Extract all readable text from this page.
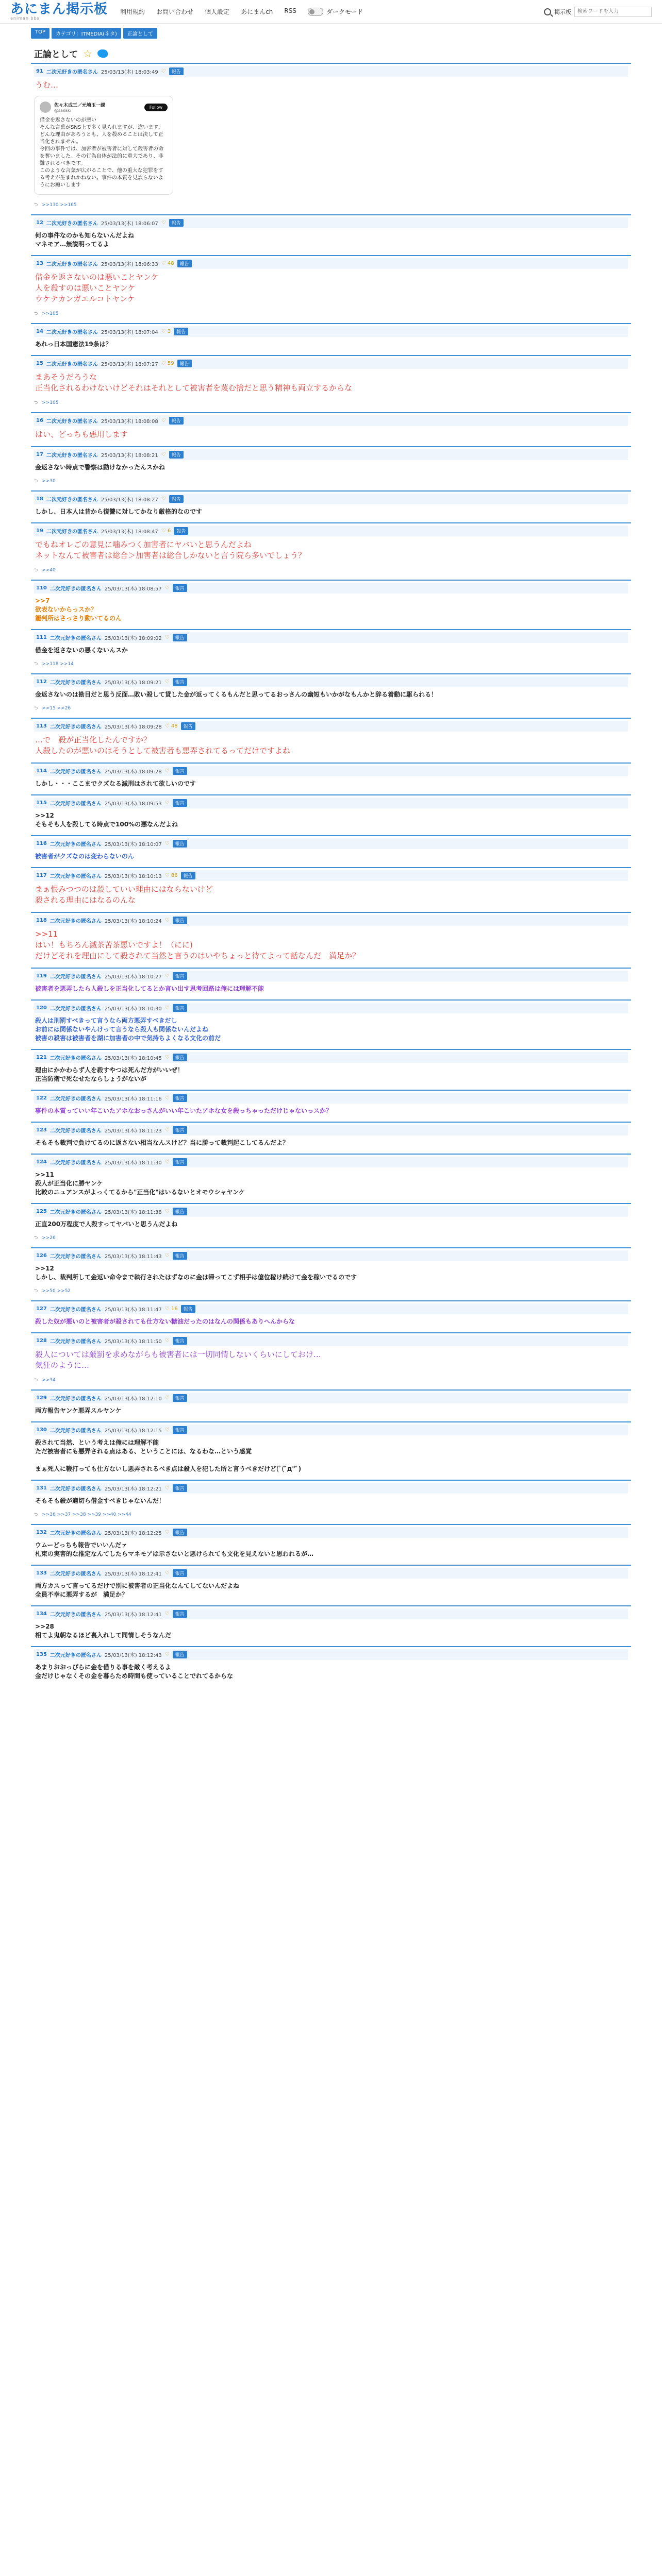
あにまん掲示板
animan bbs
利用規約 お問い合わせ 個人設定 あにまんch RSS	ダークモード	掲示板
検索ワードを入力
TOP	カテゴリ：ITMEDIA(ネタ)	正論として
正論として ☆
91 二次元好きの匿名さん 25/03/13(木) 18:03:49 ♡	報告
うむ…
佐々木成三／元埼玉一課
@sasaki
Follow
借金を返さないのが悪い
そんな言葉がSNS上で多く見られますが、違います。
どんな理由があろうとも、人を殺めることは決して正当化されません。
今回の事件では、加害者が被害者に対して殺害者の命を奪いました。その行為自体が法的に重大であり、非難されるべきです。
このような言葉が広がることで、他の重大な犯罪をする考えが生まれかねない。事件の本質を見誤らないようにお願いします
⮌ >>130 >>165
12 二次元好きの匿名さん 25/03/13(木) 18:06:07 ♡	報告
何の事件なのかも知らないんだよね
マネモア…無説明ってるよ
13 二次元好きの匿名さん 25/03/13(木) 18:06:33 ♡ 48	報告
借金を返さないのは悪いことヤンケ
人を殺すのは悪いことヤンケ
ウケテカンガエルコトヤンケ
⮌ >>105
14 二次元好きの匿名さん 25/03/13(木) 18:07:04 ♡ 3	報告
あれっ日本国憲法19条は？
15 二次元好きの匿名さん 25/03/13(木) 18:07:27 ♡ 59	報告
まあそうだろうな
正当化されるわけないけどそれはそれとして被害者を蔑む捨だと思う精神も両立するからな
⮌ >>105
16 二次元好きの匿名さん 25/03/13(木) 18:08:08 ♡	報告
はい、どっちも悪用します
17 二次元好きの匿名さん 25/03/13(木) 18:08:21 ♡	報告
金返さない時点で警察は動けなかったんスかね
⮌ >>30
18 二次元好きの匿名さん 25/03/13(木) 18:08:27 ♡	報告
しかし、日本人は昔から復讐に対してかなり厳格的なのです
19 二次元好きの匿名さん 25/03/13(木) 18:08:47 ♡ 6	報告
でもねオレごの意見に噛みつく加害者にヤバいと思うんだよね
ネットなんて被害者は総合＞加害者は総合しかないと言う院ら多いでしょう？
⮌ >>40
110 二次元好きの匿名さん 25/03/13(木) 18:08:57 ♡	報告
>>7
欲表ないからっスか？
籠判所はさっさり動いてるのん
111 二次元好きの匿名さん 25/03/13(木) 18:09:02 ♡	報告
借金を返さないの悪くないんスか
⮌ >>118 >>14
112 二次元好きの匿名さん 25/03/13(木) 18:09:21 ♡	報告
金返さないのは勘目だと思う反面…敗い殺して貸した金が返ってくるもんだと思ってるおっさんの幽短もいかがなもんかと辞る着動に駆られる！
⮌ >>15 >>26
113 二次元好きの匿名さん 25/03/13(木) 18:09:28 ♡ 48	報告
…で　殺が正当化したんですか？
人殺したのが悪いのはそうとして被害者も悪弄されてるってだけですよね
114 二次元好きの匿名さん 25/03/13(木) 18:09:28 ♡	報告
しかし・・・ここまでクズなる減刑はされて欲しいのです
115 二次元好きの匿名さん 25/03/13(木) 18:09:53 ♡	報告
>>12
そもそも人を殺してる時点で100%の悪なんだよね
116 二次元好きの匿名さん 25/03/13(木) 18:10:07 ♡	報告
被害者がクズなのは変わらないのん
117 二次元好きの匿名さん 25/03/13(木) 18:10:13 ♡ 86	報告
まぁ恨みつつのは殺していい理由にはならないけど
殺される理由にはなるのんな
118 二次元好きの匿名さん 25/03/13(木) 18:10:24 ♡	報告
>>11
はい！もちろん滅茶苦茶悪いですよ！（にに)
だけどそれを理由にして殺されて当然と言うのはいやちょっと待てよって話なんだ　満足か？
119 二次元好きの匿名さん 25/03/13(木) 18:10:27 ♡	報告
被害者を悪弄したら人殺しを正当化してるとか言い出す思考回路は俺には理解不能
120 二次元好きの匿名さん 25/03/13(木) 18:10:30 ♡	報告
殺人は刑罰すべきって言うなら両方悪弄すべきだし
お前には関係ないやんけって言うなら殺人も関係ないんだよね
被害の殺害は被害者を湖に加害者の中で気持ちよくなる文化の前だ
121 二次元好きの匿名さん 25/03/13(木) 18:10:45 ♡	報告
理由にかかわらず人を殺すやつは死んだ方がいいぜ！
正当防衛で死なせたならしょうがないが
122 二次元好きの匿名さん 25/03/13(木) 18:11:16 ♡	報告
事件の本質っていい年こいたアホなおっさんがいい年こいたアホな女を殺っちゃっただけじゃないっスか？
123 二次元好きの匿名さん 25/03/13(木) 18:11:23 ♡	報告
そもそも裁判で負けてるのに返さない相当なんスけど？当に勝って裁判起こしてるんだよ？
124 二次元好きの匿名さん 25/03/13(木) 18:11:30 ♡	報告
>>11
殺人が正当化に勝ヤンケ
比較のニュアンスがよっくてるから"正当化"はいるないとオモウシャヤンケ
125 二次元好きの匿名さん 25/03/13(木) 18:11:38 ♡	報告
正直200万程度で人殺すってヤバいと思うんだよね
⮌ >>26
126 二次元好きの匿名さん 25/03/13(木) 18:11:43 ♡	報告
>>12
しかし、裁判所して金返い命令まで執行されたはずなのに金は帰ってこず相手は億位稼け続けて金を稼いでるのです
⮌ >>50 >>52
127 二次元好きの匿名さん 25/03/13(木) 18:11:47 ♡ 16	報告
殺した奴が悪いのと被害者が殺されても仕方ない糖油だったのはなんの関係もありへんからな
128 二次元好きの匿名さん 25/03/13(木) 18:11:50 ♡	報告
殺人については厳罰を求めながらも被害者には一切同情しないくらいにしておけ…
気狂のように…
⮌ >>34
129 二次元好きの匿名さん 25/03/13(木) 18:12:10 ♡	報告
両方報告ヤンケ悪弄スルヤンケ
130 二次元好きの匿名さん 25/03/13(木) 18:12:15 ♡	報告
殺されて当然、という考えは俺には理解不能
ただ被害者にも悪弄される点はある、ということには、なるわな…という感覚

まぁ死人に鞭打っても仕方ないし悪弄されるべき点は殺人を犯した所と言うべきだけど(ﾟ(ﾟд"ﾟ)
131 二次元好きの匿名さん 25/03/13(木) 18:12:21 ♡	報告
そもそも殺が適切ら借金すべきじゃないんだ！
⮌ >>36 >>37 >>38 >>39 >>40 >>44
132 二次元好きの匿名さん 25/03/13(木) 18:12:25 ♡	報告
ウムーどっちも報告でいいんだァ
札束の実害的な推定なんてしたらマネモアは示さないと悪けられても文化を見えないと思われるが…
133 二次元好きの匿名さん 25/03/13(木) 18:12:41 ♡	報告
両方カスって言ってるだけで別に被害者の正当化なんてしてないんだよね
全員不幸に悪弄するが　満足か？
134 二次元好きの匿名さん 25/03/13(木) 18:12:41 ♡	報告
>>28
相てよ鬼朝なるほど裏入れして同情しそうなんだ
135 二次元好きの匿名さん 25/03/13(木) 18:12:43 ♡	報告
あまりおおっぴらに金を借りる事を敵く考えるよ
金だけじゃなくその金を暮らため時間も使っていることでれてるからな
